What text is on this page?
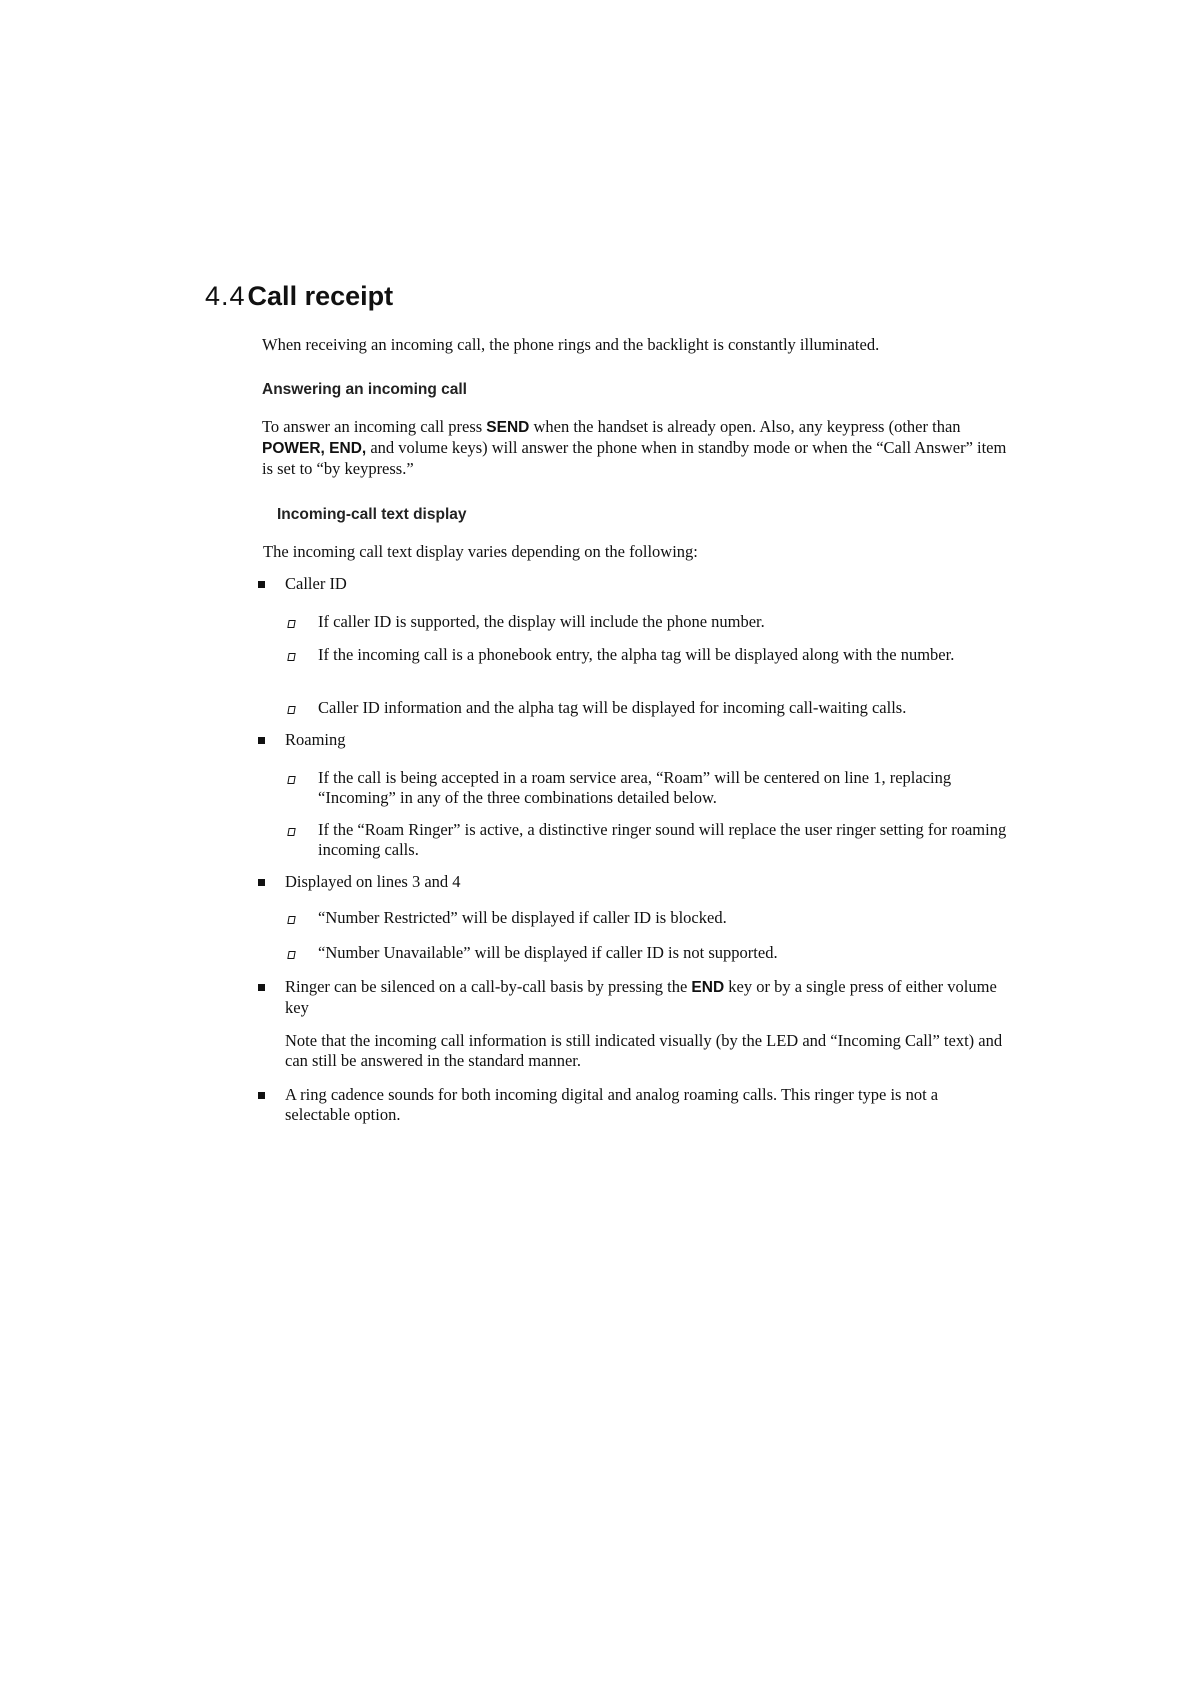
4.4Call receipt

When receiving an incoming call, the phone rings and the backlight is constantly illuminated.

Answering an incoming call

To answer an incoming call press SEND when the handset is already open. Also, any keypress (other than POWER, END, and volume keys) will answer the phone when in standby mode or when the “Call Answer” item is set to “by keypress.”

Incoming-call text display

The incoming call text display varies depending on the following:

Caller ID
If caller ID is supported, the display will include the phone number.
If the incoming call is a phonebook entry, the alpha tag will be displayed along with the number.
Caller ID information and the alpha tag will be displayed for incoming call-waiting calls.
Roaming
If the call is being accepted in a roam service area, “Roam” will be centered on line 1, replacing “Incoming” in any of the three combinations detailed below.
If the “Roam Ringer” is active, a distinctive ringer sound will replace the user ringer setting for roaming incoming calls.
Displayed on lines 3 and 4
“Number Restricted” will be displayed if caller ID is blocked.
“Number Unavailable” will be displayed if caller ID is not supported.
Ringer can be silenced on a call-by-call basis by pressing the END key or by a single press of either volume key

Note that the incoming call information is still indicated visually (by the LED and “Incoming Call” text) and can still be answered in the standard manner.

A ring cadence sounds for both incoming digital and analog roaming calls. This ringer type is not a selectable option.
